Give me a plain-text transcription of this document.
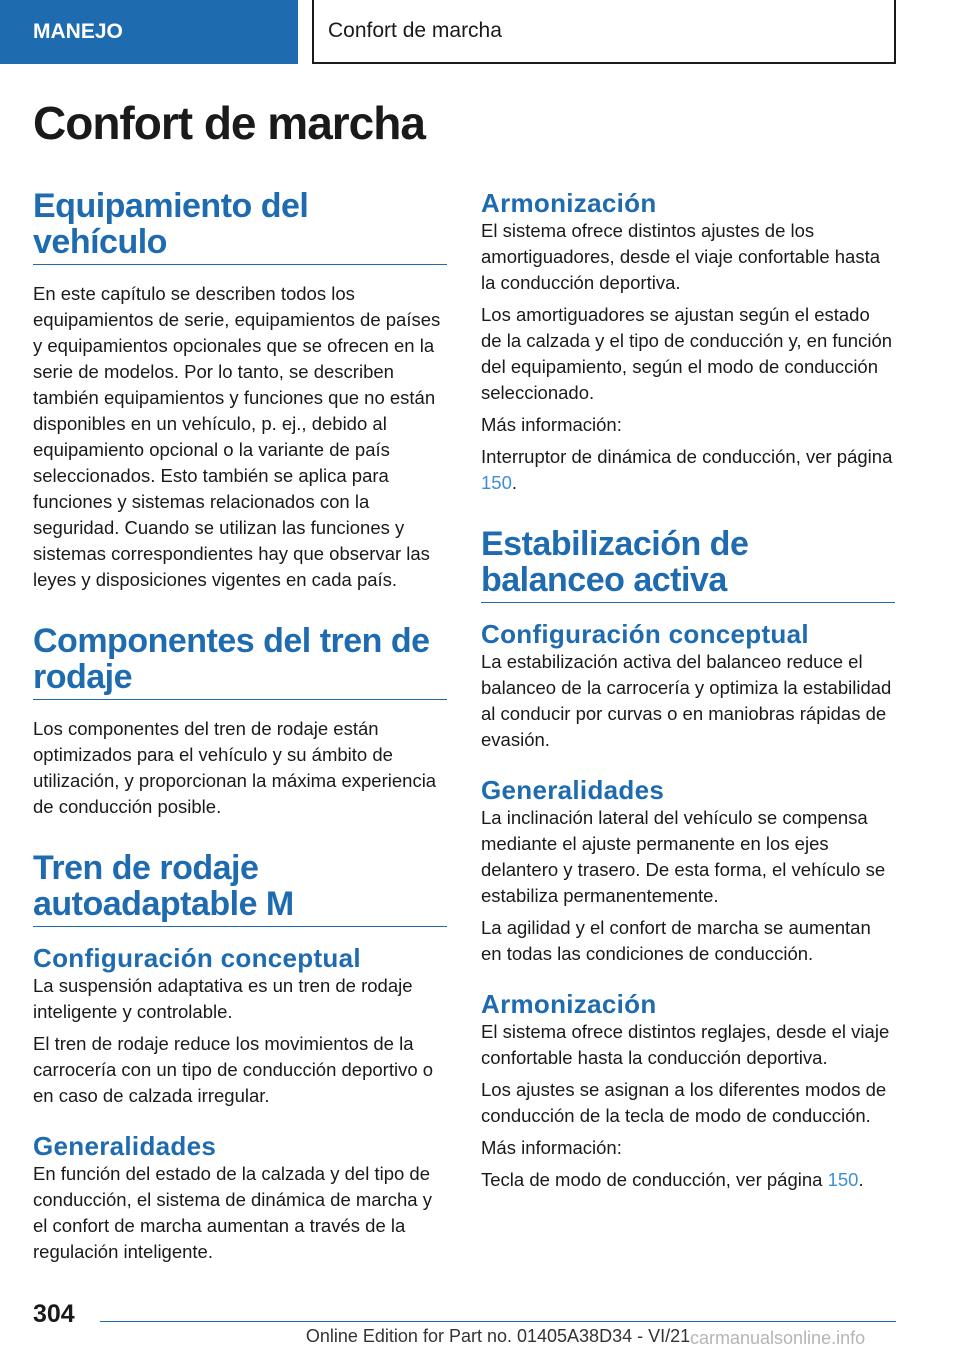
MANEJO	Confort de marcha
Confort de marcha
Equipamiento del vehículo

En este capítulo se describen todos los equipamientos de serie, equipamientos de países y equipamientos opcionales que se ofrecen en la serie de modelos. Por lo tanto, se describen también equipamientos y funciones que no están disponibles en un vehículo, p. ej., debido al equipamiento opcional o la variante de país seleccionados. Esto también se aplica para funciones y sistemas relacionados con la seguridad. Cuando se utilizan las funciones y sistemas correspondientes hay que observar las leyes y disposiciones vigentes en cada país.

Componentes del tren de rodaje

Los componentes del tren de rodaje están optimizados para el vehículo y su ámbito de utilización, y proporcionan la máxima experiencia de conducción posible.

Tren de rodaje autoadaptable M
Configuración conceptual

La suspensión adaptativa es un tren de rodaje inteligente y controlable.

El tren de rodaje reduce los movimientos de la carrocería con un tipo de conducción deportivo o en caso de calzada irregular.

Generalidades

En función del estado de la calzada y del tipo de conducción, el sistema de dinámica de marcha y el confort de marcha aumentan a través de la regulación inteligente.

Armonización

El sistema ofrece distintos ajustes de los amortiguadores, desde el viaje confortable hasta la conducción deportiva.

Los amortiguadores se ajustan según el estado de la calzada y el tipo de conducción y, en función del equipamiento, según el modo de conducción seleccionado.

Más información:

Interruptor de dinámica de conducción, ver página 150.

Estabilización de balanceo activa
Configuración conceptual

La estabilización activa del balanceo reduce el balanceo de la carrocería y optimiza la estabilidad al conducir por curvas o en maniobras rápidas de evasión.

Generalidades

La inclinación lateral del vehículo se compensa mediante el ajuste permanente en los ejes delantero y trasero. De esta forma, el vehículo se estabiliza permanentemente.

La agilidad y el confort de marcha se aumentan en todas las condiciones de conducción.

Armonización

El sistema ofrece distintos reglajes, desde el viaje confortable hasta la conducción deportiva.

Los ajustes se asignan a los diferentes modos de conducción de la tecla de modo de conducción.

Más información:

Tecla de modo de conducción, ver página 150.

304
Online Edition for Part no. 01405A38D34 - VI/21 carmanualsonline.info
